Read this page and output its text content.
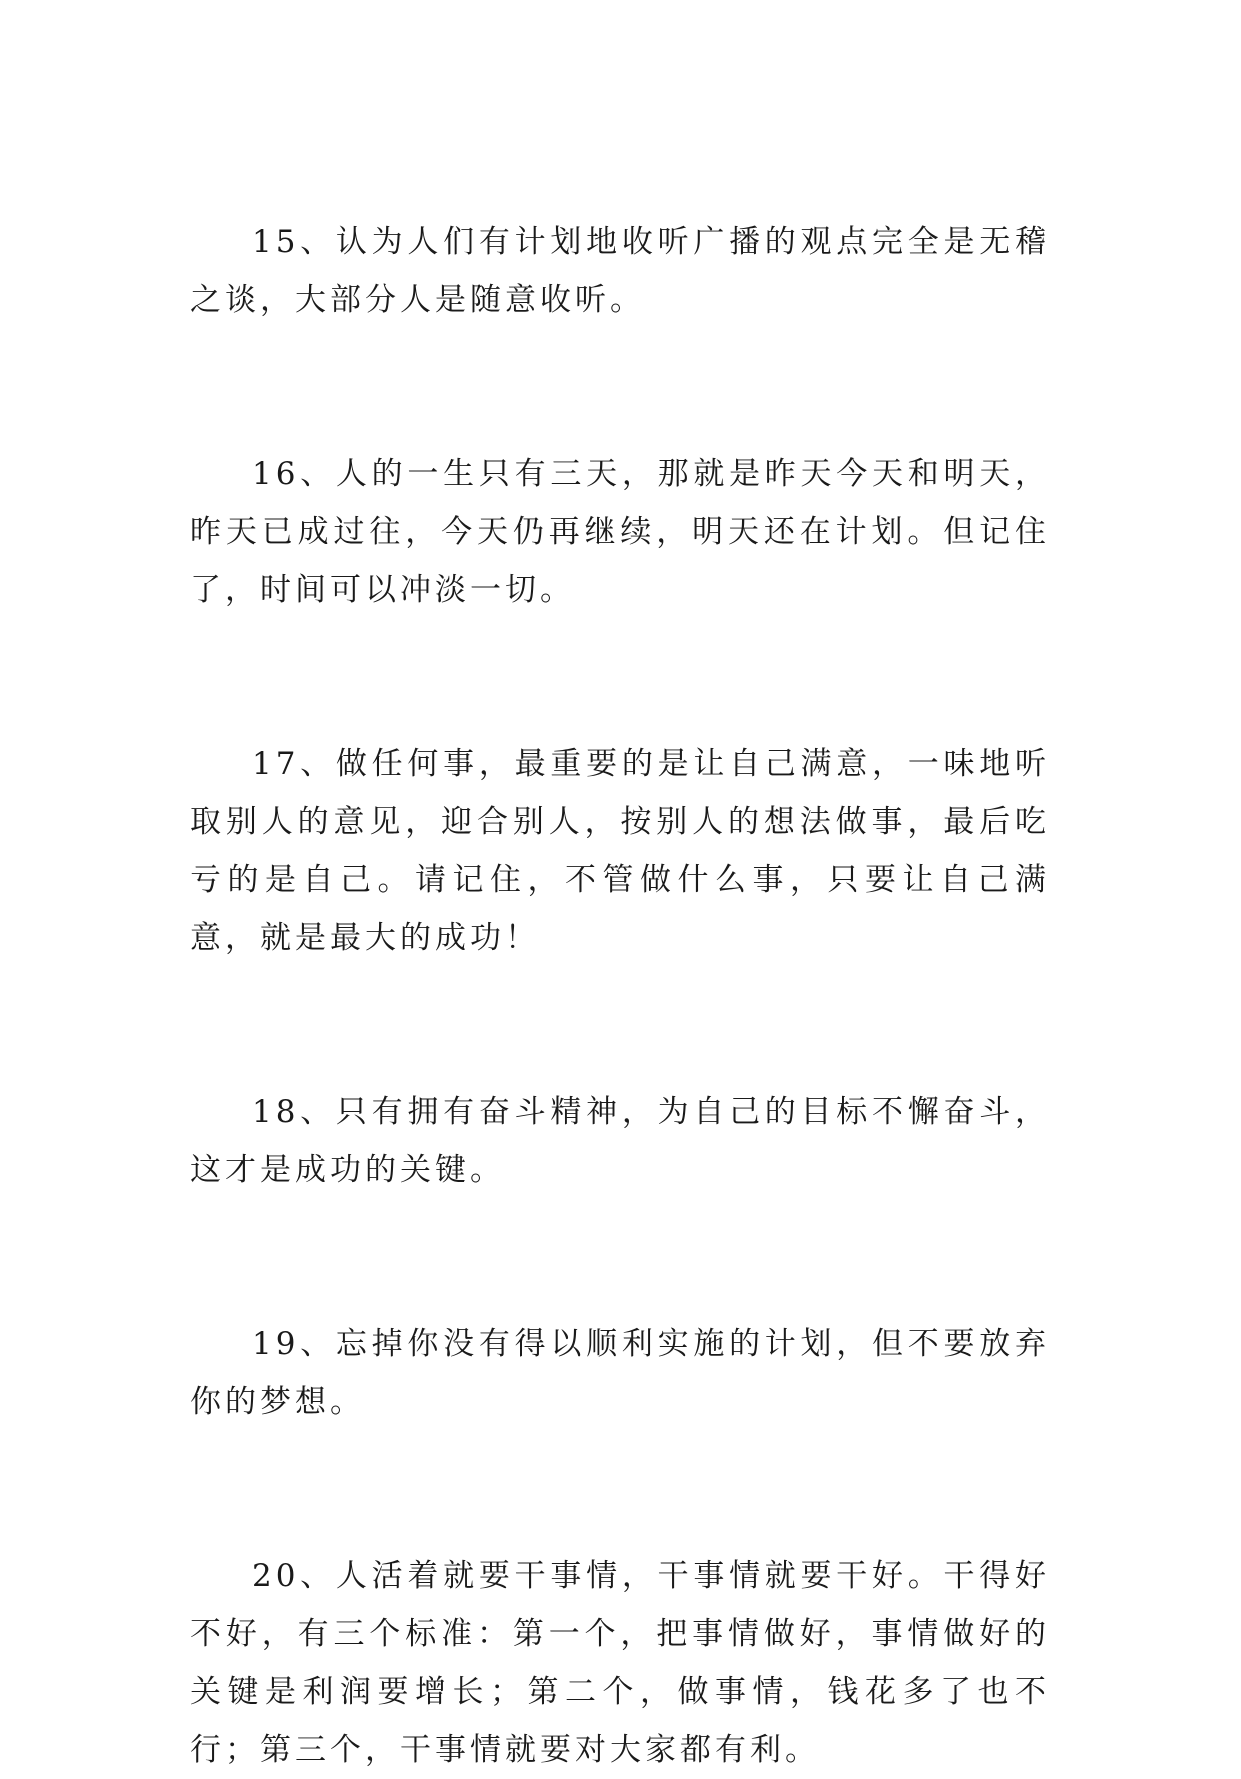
15、认为人们有计划地收听广播的观点完全是无稽之谈，大部分人是随意收听。

16、人的一生只有三天，那就是昨天今天和明天，昨天已成过往，今天仍再继续，明天还在计划。但记住了，时间可以冲淡一切。

17、做任何事，最重要的是让自己满意，一味地听取别人的意见，迎合别人，按别人的想法做事，最后吃亏的是自己。请记住，不管做什么事，只要让自己满意，就是最大的成功！

18、只有拥有奋斗精神，为自己的目标不懈奋斗，这才是成功的关键。

19、忘掉你没有得以顺利实施的计划，但不要放弃你的梦想。

20、人活着就要干事情，干事情就要干好。干得好不好，有三个标准：第一个，把事情做好，事情做好的关键是利润要增长；第二个，做事情，钱花多了也不行；第三个，干事情就要对大家都有利。
